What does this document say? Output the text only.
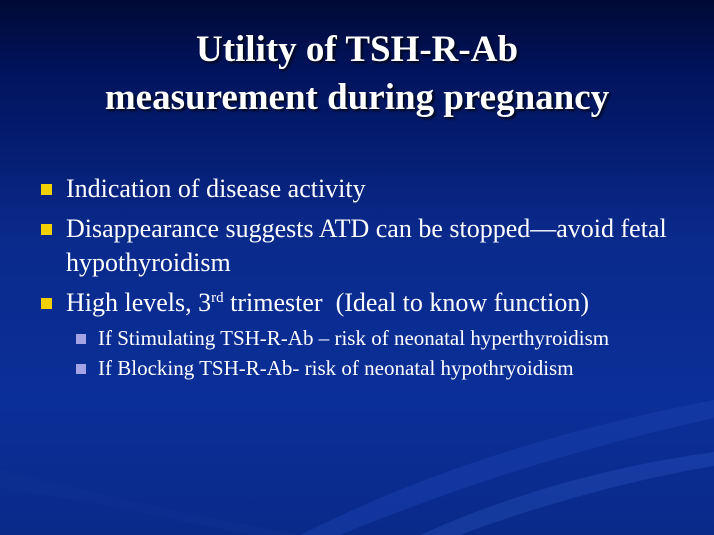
Utility of TSH-R-Ab
measurement during pregnancy
Indication of disease activity
Disappearance suggests ATD can be stopped—avoid fetal hypothyroidism
High levels, 3rd trimester  (Ideal to know function)
If Stimulating TSH-R-Ab – risk of neonatal hyperthyroidism
If Blocking TSH-R-Ab- risk of neonatal hypothryoidism
